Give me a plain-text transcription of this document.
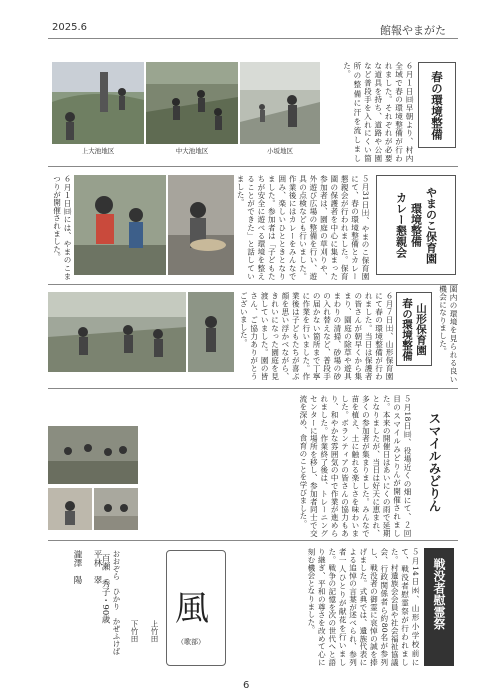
2025.6	館報やまがた
上大池地区	中大池地区	小坂地区	６月１日㈰早朝より、村内全域で春の環境整備が行われました。それぞれが必要な道具を持ち、道路や公園など普段手を入れにくい箇所の整備に汗を流しました。
春の環境整備
６月１日㈰には、やまのこまつりが開催されました。	５月31日㈯、やまのこ保育園にて、春の環境整備とカレー懇親会が行われました。保育園の保護者を中心に集まった参加者は、園庭の草刈りや、外遊び広場の整備を行い、遊具の点検なども行いました。作業後にはカレーをみんなで囲み、楽しいひとときとなりました。参加者は「子どもたちが安全に遊べる環境を整えることができた」と話していました。	やまのこ保育園
環境整備
カレー懇親会
６月７日㈯、山形保育園にて春の環境整備が行われました。当日は保護者の皆さんが朝早くから集まり、園庭の除草や遊具まわりの清掃、砂場の砂の入れ替えなど、普段手の届かない箇所まで丁寧に作業を行いました。作業後は子どもたちが喜ぶ顔を思い浮かべながら、きれいになった園庭を見渡していました。園の皆さん、ご協力ありがとうございました。	山形保育園
春の環境整備	園内の環境を見られる良い機会になりました。
５月18日㈰、役場近くの畑にて、２回目のスマイルみどりんが開催されました。本来の開催日はあいにくの雨で延期となりましたが、当日は好天に恵まれ、多くの参加者が集まりました。みんなで苗を植え、土に触れる楽しさを味わいました。ボランティアの皆さんの協力もあり、和やかな雰囲気の中で作業が進められました。作業終了後は、トレーニングセンターに場所を移し、参加者同士で交流を深め、食育のことを学びました。	スマイルみどりん

百瀬　秀子・90歳

瀧澤　陽 平林　翠 おおぞら　ひかり　かぜふけば 下竹田 上竹田
風
（歌部）	５月14日㈬、山形小学校前にて、戦没者慰霊祭が行われました。村遺族会会員や社会福祉協議会、行政関係者ら約80名が参列し、戦没者の御霊に哀悼の誠を捧げました。式典では、遺族代表による追悼の言葉が述べられ、参列者一人ひとりが献花を行いました。戦争の記憶を次の世代へと語り継ぎ、平和の尊さを改めて心に刻む機会となりました。	戦没者慰霊祭
6
